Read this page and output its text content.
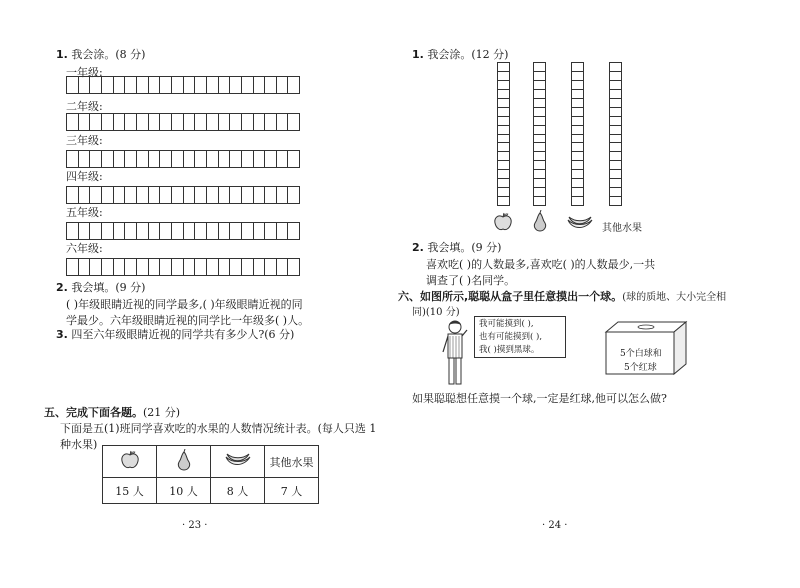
1. 我会涂。(8 分)
一年级:
二年级:
三年级:
四年级:
五年级:
六年级:
2. 我会填。(9 分)
( )年级眼睛近视的同学最多,( )年级眼睛近视的同
学最少。六年级眼睛近视的同学比一年级多( )人。
3. 四至六年级眼睛近视的同学共有多少人?(6 分)
五、完成下面各题。(21 分)
下面是五(1)班同学喜欢吃的水果的人数情况统计表。(每人只选 1
种水果)
			其他水果
15 人	10 人	8 人	7 人
· 23 ·
1. 我会涂。(12 分)
其他水果
2. 我会填。(9 分)
喜欢吃( )的人数最多,喜欢吃( )的人数最少,一共
调查了( )名同学。
六、如图所示,聪聪从盒子里任意摸出一个球。(球的质地、大小完全相
同)(10 分)
我可能摸到( ),
也有可能摸到( ),
我( )摸到黑球。	5个白球和
5个红球
如果聪聪想任意摸一个球,一定是红球,他可以怎么做?
· 24 ·
